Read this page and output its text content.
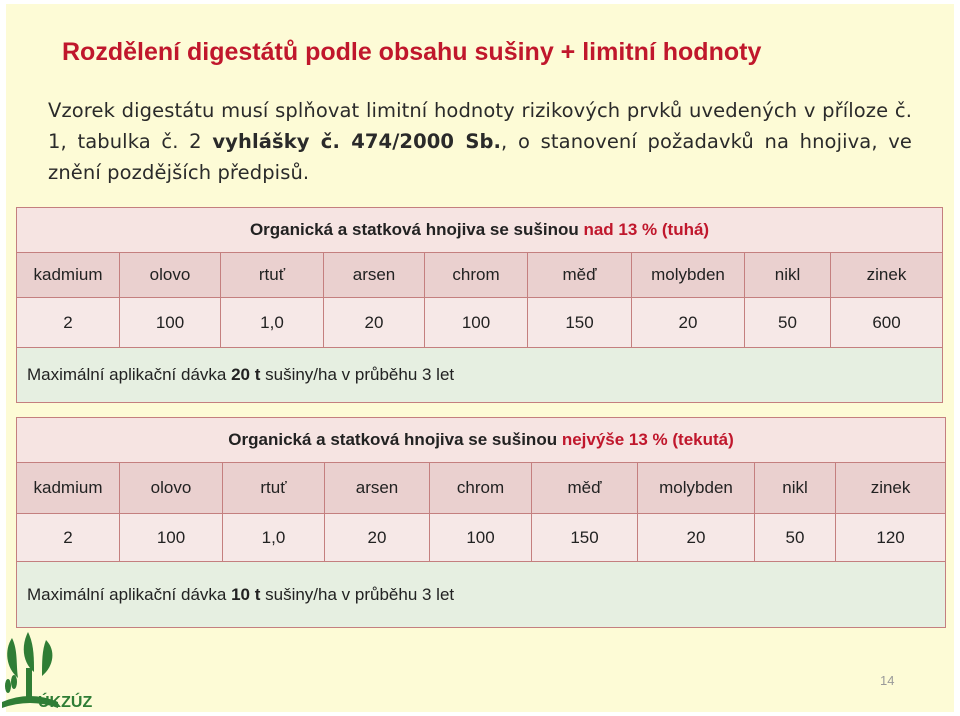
Rozdělení digestátů podle obsahu sušiny + limitní hodnoty
Vzorek digestátu musí splňovat limitní hodnoty rizikových prvků uvedených v příloze č. 1, tabulka č. 2 vyhlášky č. 474/2000 Sb., o stanovení požadavků na hnojiva, ve znění pozdějších předpisů.
Organická a statková hnojiva se sušinou nad 13 % (tuhá)								
kadmium	olovo	rtuť	arsen	chrom	měď	molybden	nikl	zinek
2	100	1,0	20	100	150	20	50	600
Maximální aplikační dávka 20 t sušiny/ha v průběhu 3 let								
Organická a statková hnojiva se sušinou nejvýše 13 % (tekutá)								
kadmium	olovo	rtuť	arsen	chrom	měď	molybden	nikl	zinek
2	100	1,0	20	100	150	20	50	120
Maximální aplikační dávka 10 t sušiny/ha v průběhu 3 let								
ÚKZÚZ
14
